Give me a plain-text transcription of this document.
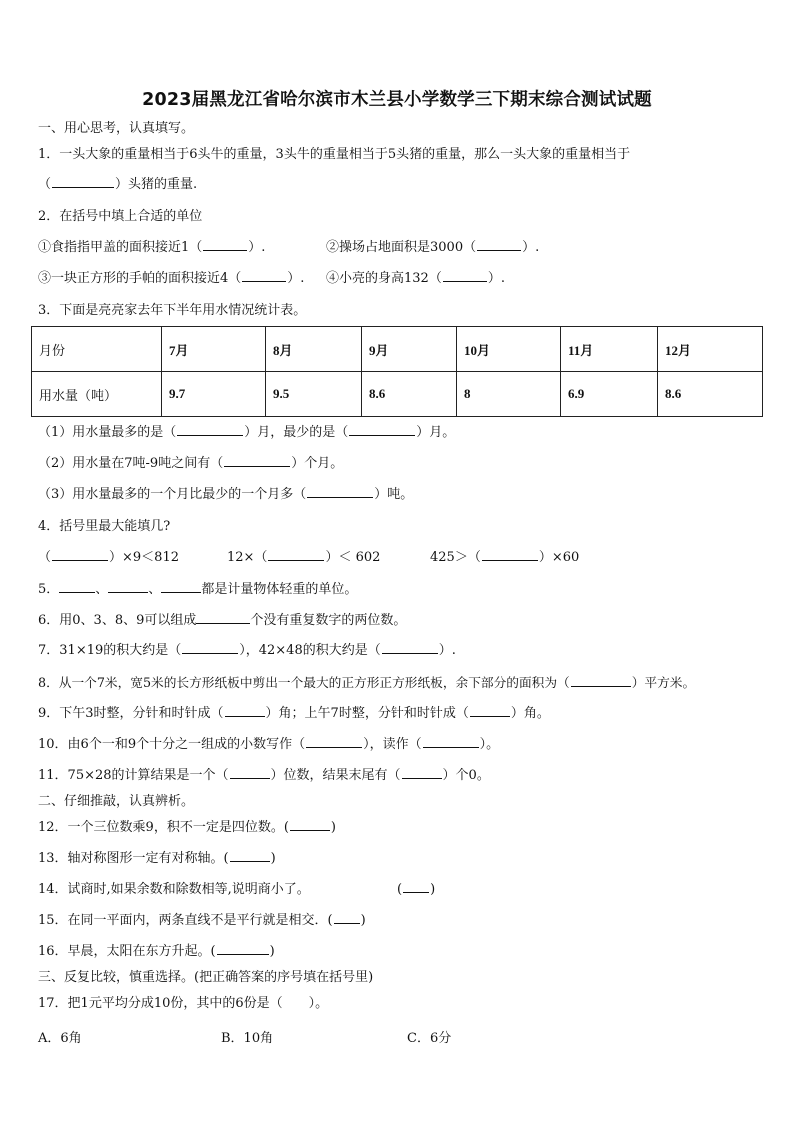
2023届黑龙江省哈尔滨市木兰县小学数学三下期末综合测试试题
一、用心思考，认真填写。
1．一头大象的重量相当于6头牛的重量，3头牛的重量相当于5头猪的重量，那么一头大象的重量相当于
（	）头猪的重量.
2．在括号中填上合适的单位
①食指指甲盖的面积接近1（	）.	②操场占地面积是3000（	）.
③一块正方形的手帕的面积接近4（	）. ④小亮的身高132（	）.
3．下面是亮亮家去年下半年用水情况统计表。
月份	7月	8月	9月	10月	11月	12月
用水量（吨）	9.7	9.5	8.6	8	6.9	8.6
（1）用水量最多的是（	）月，最少的是（	）月。
（2）用水量在7吨-9吨之间有（	）个月。
（3）用水量最多的一个月比最少的一个月多（	）吨。
4．括号里最大能填几?
（	）×9＜812	12×（	）＜ 602	425＞（	）×60
5．	、	、	都是计量物体轻重的单位。
6．用0、3、8、9可以组成	个没有重复数字的两位数。
7．31×19的积大约是（	），42×48的积大约是（	）.
8．从一个7米，宽5米的长方形纸板中剪出一个最大的正方形正方形纸板，余下部分的面积为（	）平方米。
9．下午3时整，分针和时针成（	）角；上午7时整，分针和时针成（	）角。
10．由6个一和9个十分之一组成的小数写作（	），读作（	）。
11．75×28的计算结果是一个（	）位数，结果末尾有（	）个0。
二、仔细推敲，认真辨析。
12．一个三位数乘9，积不一定是四位数。(	)
13．轴对称图形一定有对称轴。(	)
14．试商时,如果余数和除数相等,说明商小了。	( )
15．在同一平面内，两条直线不是平行就是相交．( )
16．早晨，太阳在东方升起。(	)
三、反复比较，慎重选择。(把正确答案的序号填在括号里)
17．把1元平均分成10份，其中的6份是（　　）。
A．6角	B．10角	C．6分
